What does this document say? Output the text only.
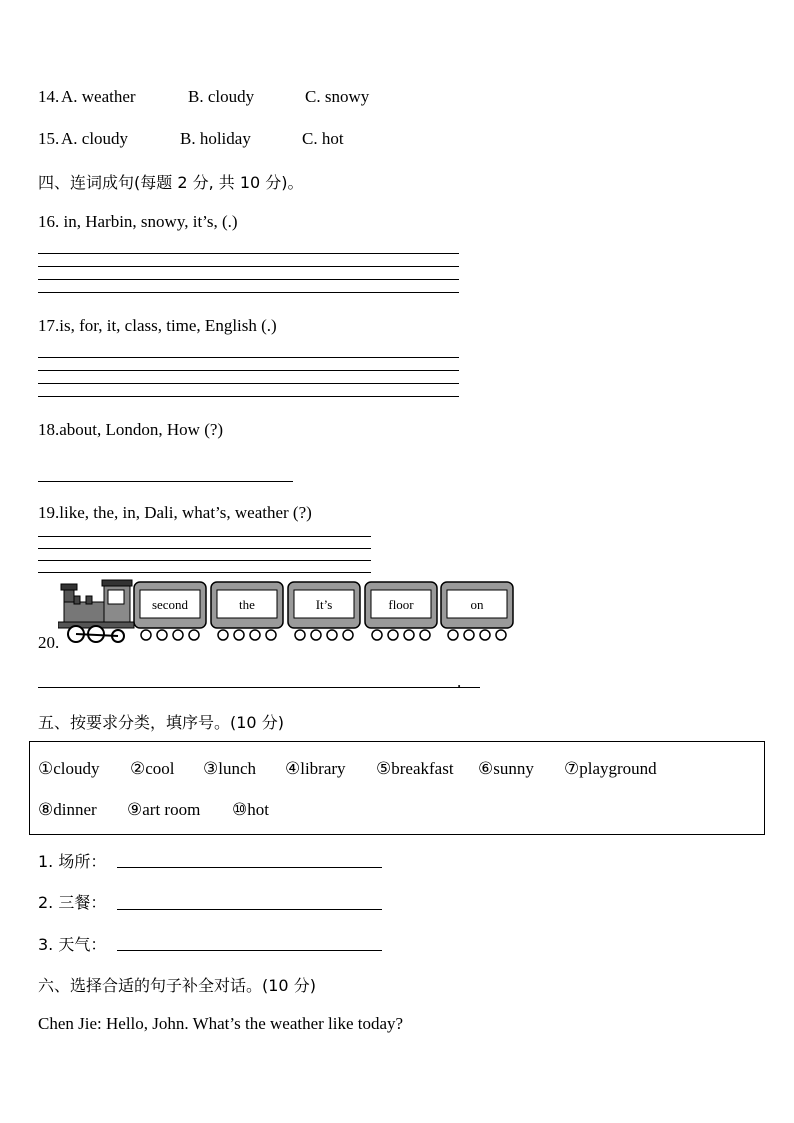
14. A. weather	B. cloudy	C. snowy
15. A. cloudy	B. holiday	C. hot
四、连词成句(每题 2 分, 共 10 分)。
16. in, Harbin, snowy, it’s, (.)
17.is, for, it, class, time, English (.)
18.about, London, How (?)
19.like, the, in, Dali, what’s, weather (?)
20.
second	the	It’s	floor	on
.
五、按要求分类，填序号。(10 分)
①cloudy ②cool ③lunch ④library ⑤breakfast ⑥sunny ⑦playground
⑧dinner ⑨art room ⑩hot
1. 场所：
2. 三餐：
3. 天气：
六、选择合适的句子补全对话。(10 分)
Chen Jie: Hello, John. What’s the weather like today?
